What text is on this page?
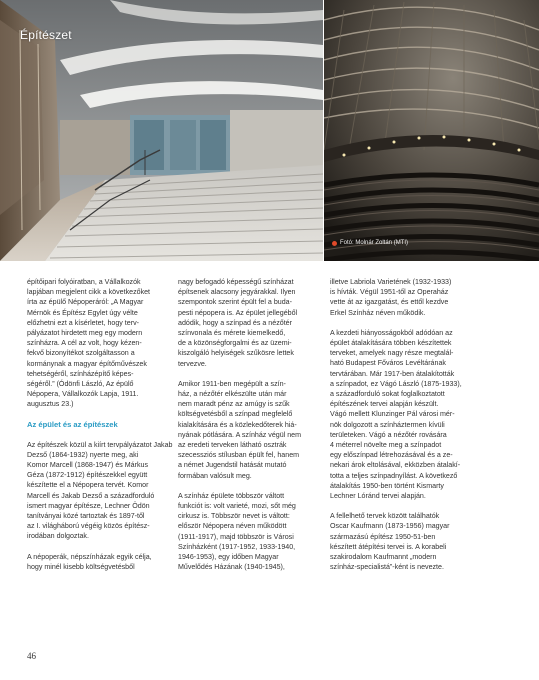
Építészet
Fotó: Molnár Zoltán (MTI)

építőipari folyóiratban, a Vállalkozók
lapjában megjelent cikk a következőket
írta az épülő Népoperáról: „A Magyar
Mérnök és Építész Egylet úgy vélte
előzhetni ezt a kísérletet, hogy terv-
pályázatot hirdetett meg egy modern
színházra. A cél az volt, hogy kézen-
fekvő bizonyítékot szolgáltasson a
kormánynak a magyar építőművészek
tehetségéről, színházépítő képes-
ségéről.” (Ódönfi László, Az épülő
Népopera, Vállalkozók Lapja, 1911.
augusztus 23.)

Az épület és az építészek

Az építészek közül a kiírt tervpályázatot Jakab
Dezső (1864-1932) nyerte meg, aki
Komor Marcell (1868-1947) és Márkus
Géza (1872-1912) építészekkel együtt
készítette el a Népopera tervét. Komor
Marcell és Jakab Dezső a századforduló
ismert magyar építésze, Lechner Ödön
tanítványai közé tartoztak és 1897-től
az I. világháború végéig közös építész-
irodában dolgoztak.

A népoperák, népszínházak egyik célja,
hogy minél kisebb költségvetésből

nagy befogadó képességű színházat
építsenek alacsony jegyárakkal. Ilyen
szempontok szerint épült fel a buda-
pesti népopera is. Az épület jellegéből
adódik, hogy a színpad és a nézőtér
színvonala és mérete kiemelkedő,
de a közönségforgalmi és az üzemi-
kiszolgáló helyiségek szűkösre lettek
tervezve.

Amikor 1911-ben megépült a szín-
ház, a nézőtér elkészülte után már
nem maradt pénz az amúgy is szűk
költségvetésből a színpad megfelelő
kialakítására és a közlekedőterek hiá-
nyának pótlására. A színház végül nem
az eredeti terveken látható osztrák
szecessziós stílusban épült fel, hanem
a német Jugendstil hatását mutató
formában valósult meg.

A színház épülete többször váltott
funkciót is: volt varieté, mozi, sőt még
cirkusz is. Többször nevet is váltott:
először Népopera néven működött
(1911-1917), majd többször is Városi
Színházként (1917-1952, 1933-1940,
1946-1953), egy időben Magyar
Művelődés Házának (1940-1945),

illetve Labriola Varietének (1932-1933)
is hívták. Végül 1951-től az Operaház
vette át az igazgatást, és ettől kezdve
Erkel Színház néven működik.

A kezdeti hiányosságokból adódóan az
épület átalakítására többen készítettek
terveket, amelyek nagy része megtalál-
ható Budapest Főváros Levéltárának
tervtárában. Már 1917-ben átalakították
a színpadot, ez Vágó László (1875-1933),
a századforduló sokat foglalkoztatott
építészének tervei alapján készült.
Vágó mellett Klunzinger Pál városi mér-
nök dolgozott a színháztermen kívüli
területeken. Vágó a nézőtér rovására
4 méterrel növelte meg a színpadot
egy előszínpad létrehozásával és a ze-
nekari árok eltolásával, ekközben átalakí-
totta a teljes színpadnyílást. A következő
átalakítás 1950-ben történt Kismarty
Lechner Lóránd tervei alapján.

A fellelhető tervek között találhatók
Oscar Kaufmann (1873-1956) magyar
származású építész 1950-51-ben
készített átépítési tervei is. A korabeli
szakirodalom Kaufmannt „modern
színház-specialistá”-ként is nevezte.

46
